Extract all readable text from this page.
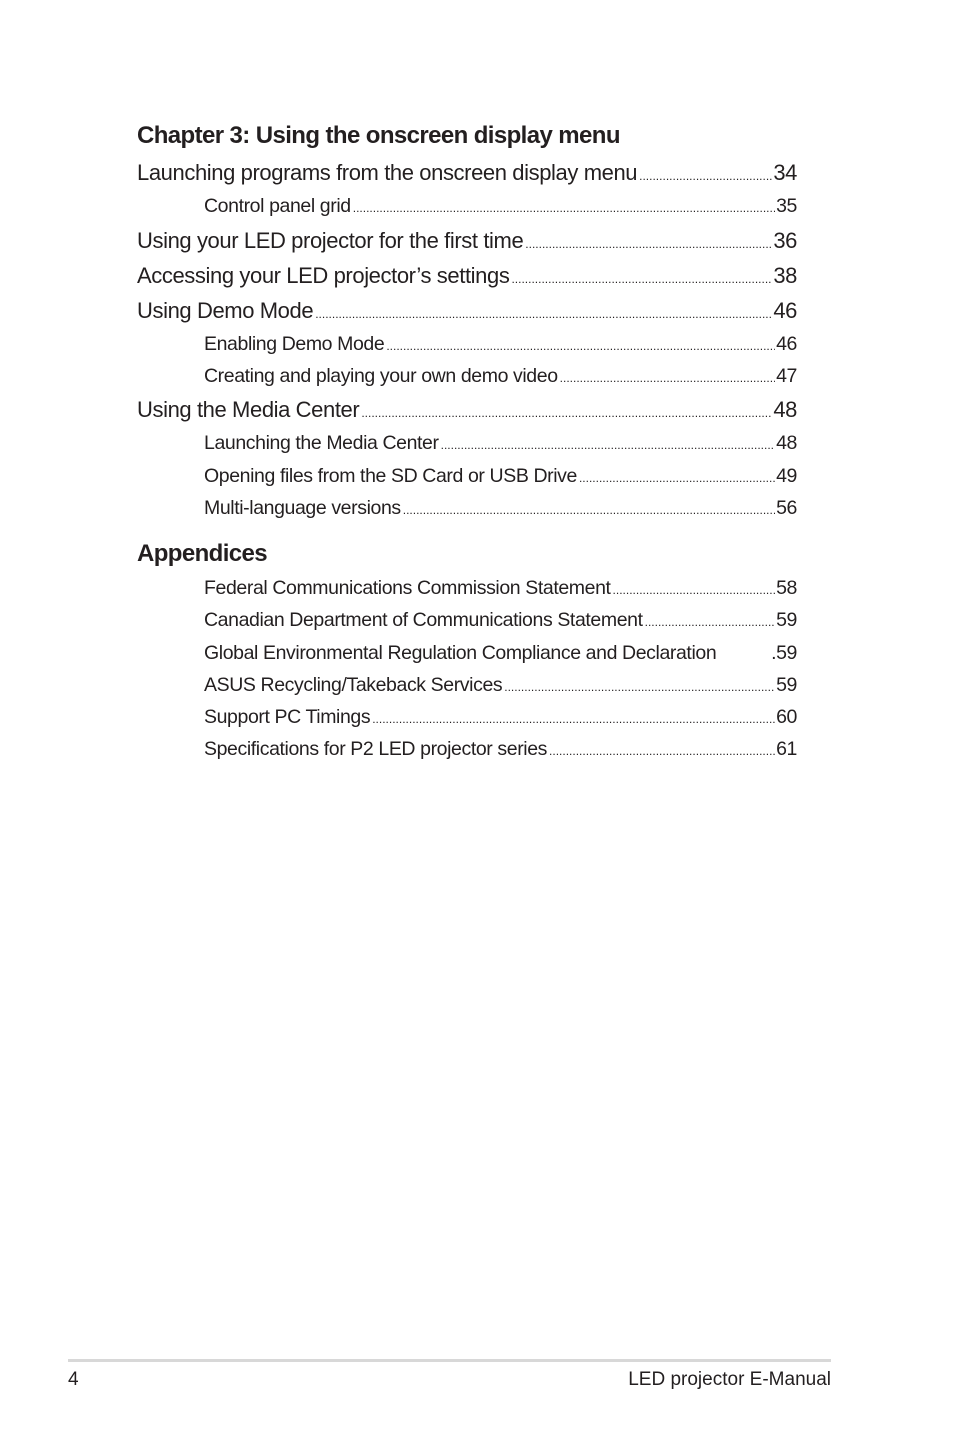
Chapter 3: Using the onscreen display menu
Launching programs from the onscreen display menu .....	34
Control panel grid .....	35
Using your LED projector for the first time .....	36
Accessing your LED projector’s settings .....	38
Using Demo Mode .....	46
Enabling Demo Mode .....	46
Creating and playing your own demo video .....	47
Using the Media Center .....	48
Launching the Media Center .....	48
Opening files from the SD Card or USB Drive .....	49
Multi-language versions .....	56
Appendices
Federal Communications Commission Statement .....	58
Canadian Department of Communications Statement .....	59
Global Environmental Regulation Compliance and Declaration	.59
ASUS Recycling/Takeback Services .....	59
Support PC Timings .....	60
Specifications for P2 LED projector series .....	61
4	LED projector E-Manual
